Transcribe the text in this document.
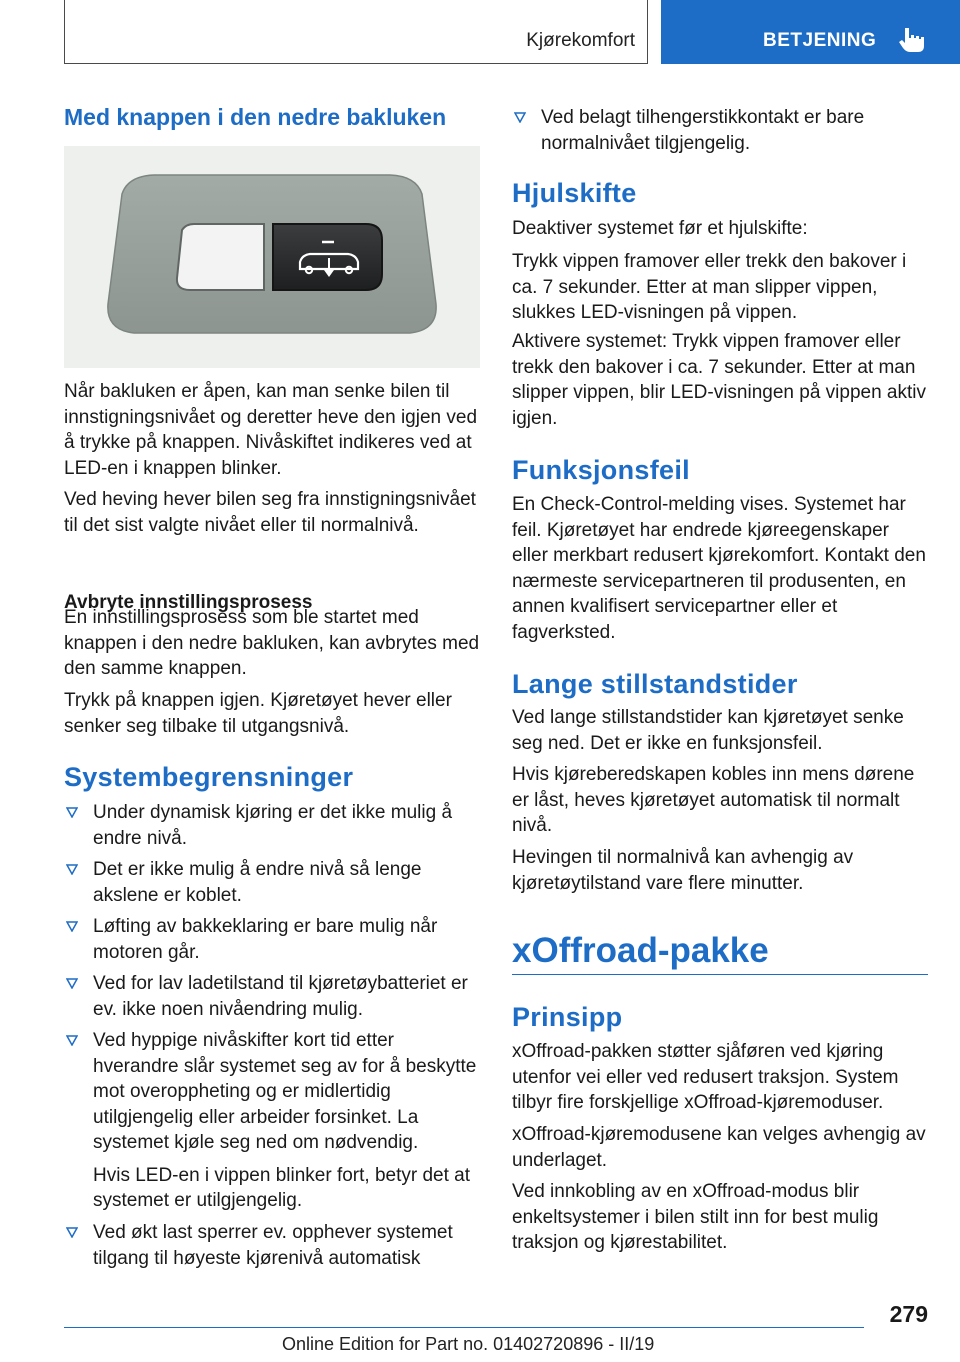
Kjørekomfort	BETJENING
Med knappen i den nedre bakluken

Når bakluken er åpen, kan man senke bilen til innstigningsnivået og deretter heve den igjen ved å trykke på knappen. Nivåskiftet indikeres ved at LED-en i knappen blinker.

Ved heving hever bilen seg fra innstigningsnivået til det sist valgte nivået eller til normalnivå.

Avbryte innstillingsprosess

En innstillingsprosess som ble startet med knappen i den nedre bakluken, kan avbrytes med den samme knappen.

Trykk på knappen igjen. Kjøretøyet hever eller senker seg tilbake til utgangsnivå.

Systembegrensninger
Under dynamisk kjøring er det ikke mulig å endre nivå.
Det er ikke mulig å endre nivå så lenge akslene er koblet.
Løfting av bakkeklaring er bare mulig når motoren går.
Ved for lav ladetilstand til kjøretøybatteriet er ev. ikke noen nivåendring mulig.
Ved hyppige nivåskifter kort tid etter hverandre slår systemet seg av for å beskytte mot overoppheting og er midlertidig utilgjengelig eller arbeider forsinket. La systemet kjøle seg ned om nødvendig.
Hvis LED-en i vippen blinker fort, betyr det at systemet er utilgjengelig.
Ved økt last sperrer ev. opphever systemet tilgang til høyeste kjørenivå automatisk
Ved belagt tilhengerstikkontakt er bare normalnivået tilgjengelig.
Hjulskifte

Deaktiver systemet før et hjulskifte:

Trykk vippen framover eller trekk den bakover i ca. 7 sekunder. Etter at man slipper vippen, slukkes LED-visningen på vippen.

Aktivere systemet: Trykk vippen framover eller trekk den bakover i ca. 7 sekunder. Etter at man slipper vippen, blir LED-visningen på vippen aktiv igjen.

Funksjonsfeil

En Check-Control-melding vises. Systemet har feil. Kjøretøyet har endrede kjøreegenskaper eller merkbart redusert kjørekomfort. Kontakt den nærmeste servicepartneren til produsenten, en annen kvalifisert servicepartner eller et fagverksted.

Lange stillstandstider

Ved lange stillstandstider kan kjøretøyet senke seg ned. Det er ikke en funksjonsfeil.

Hvis kjøreberedskapen kobles inn mens dørene er låst, heves kjøretøyet automatisk til normalt nivå.

Hevingen til normalnivå kan avhengig av kjøretøytilstand vare flere minutter.

xOffroad-pakke
Prinsipp

xOffroad-pakken støtter sjåføren ved kjøring utenfor vei eller ved redusert traksjon. System tilbyr fire forskjellige xOffroad-kjøremoduser.

xOffroad-kjøremodusene kan velges avhengig av underlaget.

Ved innkobling av en xOffroad-modus blir enkeltsystemer i bilen stilt inn for best mulig traksjon og kjørestabilitet.

279
Online Edition for Part no. 01402720896 - II/19
